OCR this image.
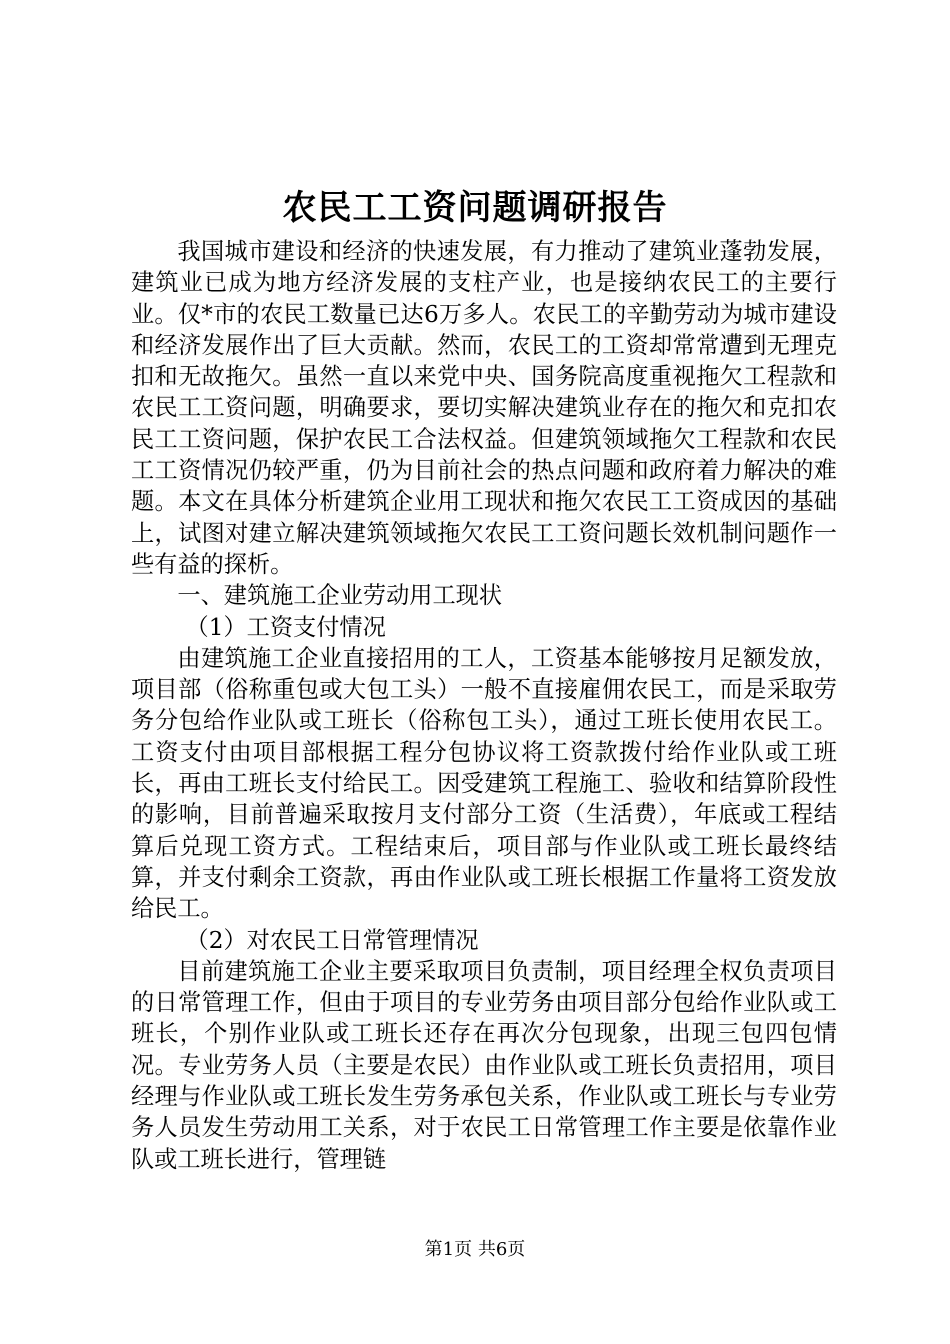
农民工工资问题调研报告

我国城市建设和经济的快速发展，有力推动了建筑业蓬勃发展，建筑业已成为地方经济发展的支柱产业，也是接纳农民工的主要行业。仅*市的农民工数量已达6万多人。农民工的辛勤劳动为城市建设和经济发展作出了巨大贡献。然而，农民工的工资却常常遭到无理克扣和无故拖欠。虽然一直以来党中央、国务院高度重视拖欠工程款和农民工工资问题，明确要求，要切实解决建筑业存在的拖欠和克扣农民工工资问题，保护农民工合法权益。但建筑领域拖欠工程款和农民工工资情况仍较严重，仍为目前社会的热点问题和政府着力解决的难题。本文在具体分析建筑企业用工现状和拖欠农民工工资成因的基础上，试图对建立解决建筑领域拖欠农民工工资问题长效机制问题作一些有益的探析。

一、建筑施工企业劳动用工现状

（1）工资支付情况

由建筑施工企业直接招用的工人，工资基本能够按月足额发放，项目部（俗称重包或大包工头）一般不直接雇佣农民工，而是采取劳务分包给作业队或工班长（俗称包工头），通过工班长使用农民工。工资支付由项目部根据工程分包协议将工资款拨付给作业队或工班长，再由工班长支付给民工。因受建筑工程施工、验收和结算阶段性的影响，目前普遍采取按月支付部分工资（生活费），年底或工程结算后兑现工资方式。工程结束后，项目部与作业队或工班长最终结算，并支付剩余工资款，再由作业队或工班长根据工作量将工资发放给民工。

（2）对农民工日常管理情况

目前建筑施工企业主要采取项目负责制，项目经理全权负责项目的日常管理工作，但由于项目的专业劳务由项目部分包给作业队或工班长，个别作业队或工班长还存在再次分包现象，出现三包四包情况。专业劳务人员（主要是农民）由作业队或工班长负责招用，项目经理与作业队或工班长发生劳务承包关系，作业队或工班长与专业劳务人员发生劳动用工关系，对于农民工日常管理工作主要是依靠作业队或工班长进行，管理链

第1页 共6页
